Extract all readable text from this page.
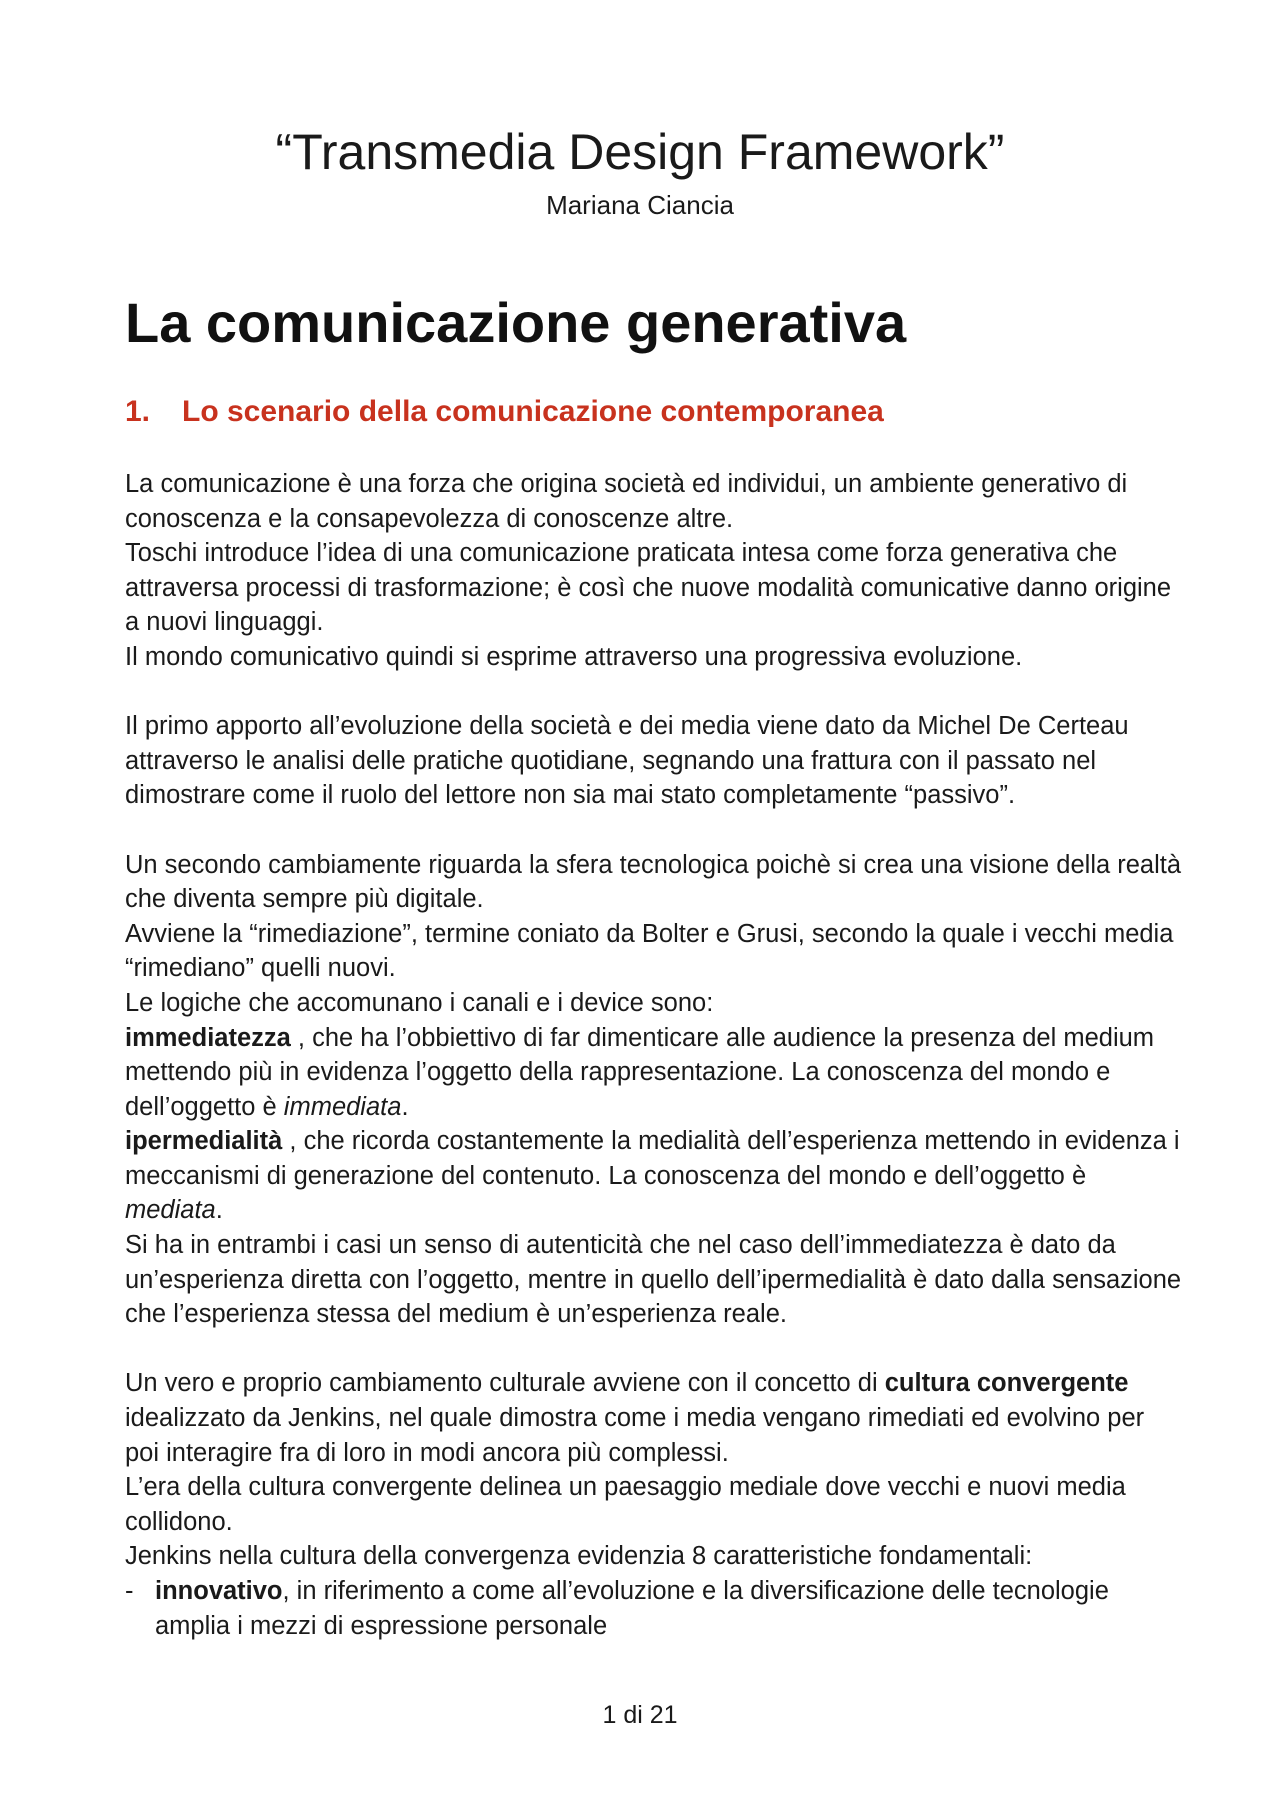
“Transmedia Design Framework”
Mariana Ciancia
La comunicazione generativa
1.	Lo scenario della comunicazione contemporanea

La comunicazione è una forza che origina società ed individui, un ambiente generativo di conoscenza e la consapevolezza di conoscenze altre.

Toschi introduce l’idea di una comunicazione praticata intesa come forza generativa che attraversa processi di trasformazione; è così che nuove modalità comunicative danno origine a nuovi linguaggi.

Il mondo comunicativo quindi si esprime attraverso una progressiva evoluzione.

Il primo apporto all’evoluzione della società e dei media viene dato da Michel De Certeau attraverso le analisi delle pratiche quotidiane, segnando una frattura con il passato nel dimostrare come il ruolo del lettore non sia mai stato completamente “passivo”.

Un secondo cambiamente riguarda la sfera tecnologica poichè si crea una visione della realtà che diventa sempre più digitale.

Avviene la “rimediazione”, termine coniato da Bolter e Grusi, secondo la quale i vecchi media “rimediano” quelli nuovi.

Le logiche che accomunano i canali e i device sono:

immediatezza , che ha l’obbiettivo di far dimenticare alle audience la presenza del medium mettendo più in evidenza l’oggetto della rappresentazione. La conoscenza del mondo e dell’oggetto è immediata.

ipermedialità , che ricorda costantemente la medialità dell’esperienza mettendo in evidenza i meccanismi di generazione del contenuto. La conoscenza del mondo e dell’oggetto è mediata.

Si ha in entrambi i casi un senso di autenticità che nel caso dell’immediatezza è dato da un’esperienza diretta con l’oggetto, mentre in quello dell’ipermedialità è dato dalla sensazione che l’esperienza stessa del medium è un’esperienza reale.

Un vero e proprio cambiamento culturale avviene con il concetto di cultura convergente idealizzato da Jenkins, nel quale dimostra come i media vengano rimediati ed evolvino per poi interagire fra di loro in modi ancora più complessi.

L’era della cultura convergente delinea un paesaggio mediale dove vecchi e nuovi media collidono.

Jenkins nella cultura della convergenza evidenzia 8 caratteristiche fondamentali:

- innovativo, in riferimento a come all’evoluzione e la diversificazione delle tecnologie amplia i mezzi di espressione personale
1 di 21
